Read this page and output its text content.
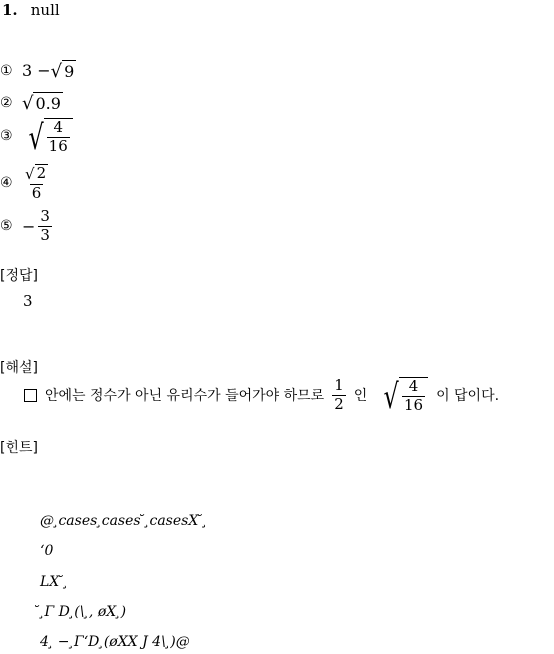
1. null
① 3 − √ 9
② √ 0.9
③ √ $\frac{4}{16}$
④ $\frac{√ 2}{6}$
⑤ − $\frac{3}{3}$
[정답]
3
[해설]
안에는 정수가 아닌 유리수가 들어가야 하므로 $\frac{1}{2}$ 인 √ $\frac{4}{16}$ 이 답이다.
[힌트]
@ ̧cases ̧cases ̆ ̧casesX ̆ ̧
‘0
LX ̆ ̧
̆ ̧Γ D ̧(\ ̧, øX ̧)
4 ̧ − ̧Γ‘D ̧(øXX J 4\ ̧)@
